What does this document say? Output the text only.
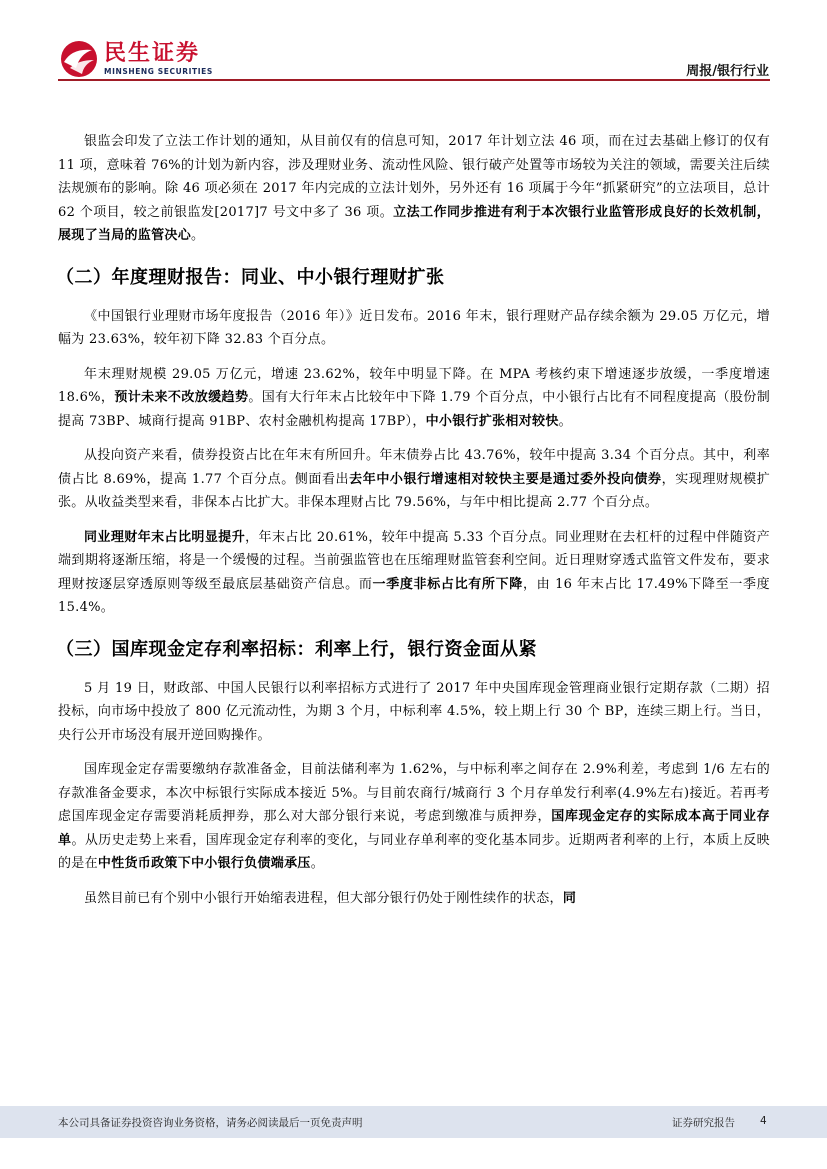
民生证券
MINSHENG SECURITIES	周报/银行行业

银监会印发了立法工作计划的通知，从目前仅有的信息可知，2017 年计划立法 46 项，而在过去基础上修订的仅有 11 项，意味着 76%的计划为新内容，涉及理财业务、流动性风险、银行破产处置等市场较为关注的领域，需要关注后续法规颁布的影响。除 46 项必须在 2017 年内完成的立法计划外，另外还有 16 项属于今年“抓紧研究”的立法项目，总计 62 个项目，较之前银监发[2017]7 号文中多了 36 项。立法工作同步推进有利于本次银行业监管形成良好的长效机制，展现了当局的监管决心。

（二）年度理财报告：同业、中小银行理财扩张

《中国银行业理财市场年度报告（2016 年）》近日发布。2016 年末，银行理财产品存续余额为 29.05 万亿元，增幅为 23.63%，较年初下降 32.83 个百分点。

年末理财规模 29.05 万亿元，增速 23.62%，较年中明显下降。在 MPA 考核约束下增速逐步放缓，一季度增速 18.6%，预计未来不改放缓趋势。国有大行年末占比较年中下降 1.79 个百分点，中小银行占比有不同程度提高（股份制提高 73BP、城商行提高 91BP、农村金融机构提高 17BP），中小银行扩张相对较快。

从投向资产来看，债券投资占比在年末有所回升。年末债券占比 43.76%，较年中提高 3.34 个百分点。其中，利率债占比 8.69%，提高 1.77 个百分点。侧面看出去年中小银行增速相对较快主要是通过委外投向债券，实现理财规模扩张。从收益类型来看，非保本占比扩大。非保本理财占比 79.56%，与年中相比提高 2.77 个百分点。

同业理财年末占比明显提升，年末占比 20.61%，较年中提高 5.33 个百分点。同业理财在去杠杆的过程中伴随资产端到期将逐渐压缩，将是一个缓慢的过程。当前强监管也在压缩理财监管套利空间。近日理财穿透式监管文件发布，要求理财按逐层穿透原则等级至最底层基础资产信息。而一季度非标占比有所下降，由 16 年末占比 17.49%下降至一季度 15.4%。

（三）国库现金定存利率招标：利率上行，银行资金面从紧

5 月 19 日，财政部、中国人民银行以利率招标方式进行了 2017 年中央国库现金管理商业银行定期存款（二期）招投标，向市场中投放了 800 亿元流动性，为期 3 个月，中标利率 4.5%，较上期上行 30 个 BP，连续三期上行。当日，央行公开市场没有展开逆回购操作。

国库现金定存需要缴纳存款准备金，目前法储利率为 1.62%，与中标利率之间存在 2.9%利差，考虑到 1/6 左右的存款准备金要求，本次中标银行实际成本接近 5%。与目前农商行/城商行 3 个月存单发行利率(4.9%左右)接近。若再考虑国库现金定存需要消耗质押券，那么对大部分银行来说，考虑到缴准与质押券，国库现金定存的实际成本高于同业存单。从历史走势上来看，国库现金定存利率的变化，与同业存单利率的变化基本同步。近期两者利率的上行，本质上反映的是在中性货币政策下中小银行负债端承压。

虽然目前已有个别中小银行开始缩表进程，但大部分银行仍处于刚性续作的状态，同

本公司具备证券投资咨询业务资格，请务必阅读最后一页免责声明	证券研究报告 4
